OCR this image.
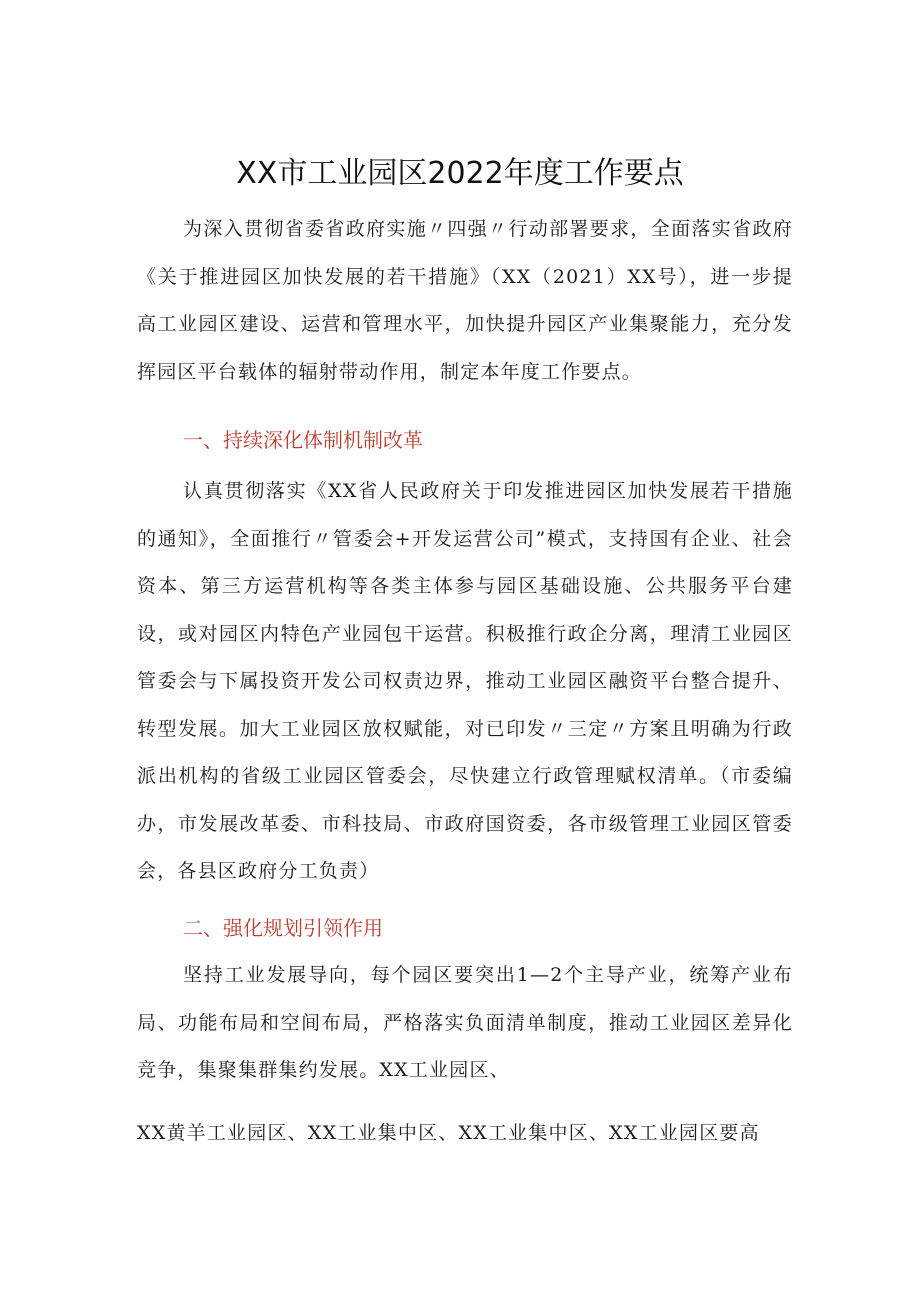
XX市工业园区2022年度工作要点

为深入贯彻省委省政府实施〃四强〃行动部署要求，全面落实省政府《关于推进园区加快发展的若干措施》（XX（2021）XX号），进一步提高工业园区建设、运营和管理水平，加快提升园区产业集聚能力，充分发挥园区平台载体的辐射带动作用，制定本年度工作要点。

一、持续深化体制机制改革

认真贯彻落实《XX省人民政府关于印发推进园区加快发展若干措施的通知》，全面推行〃管委会+开发运营公司”模式，支持国有企业、社会资本、第三方运营机构等各类主体参与园区基础设施、公共服务平台建设，或对园区内特色产业园包干运营。积极推行政企分离，理清工业园区管委会与下属投资开发公司权责边界，推动工业园区融资平台整合提升、转型发展。加大工业园区放权赋能，对已印发〃三定〃方案且明确为行政派出机构的省级工业园区管委会，尽快建立行政管理赋权清单。（市委编办，市发展改革委、市科技局、市政府国资委，各市级管理工业园区管委会，各县区政府分工负责）

二、强化规划引领作用

坚持工业发展导向，每个园区要突出1—2个主导产业，统筹产业布局、功能布局和空间布局，严格落实负面清单制度，推动工业园区差异化竞争，集聚集群集约发展。XX工业园区、

XX黄羊工业园区、XX工业集中区、XX工业集中区、XX工业园区要高
